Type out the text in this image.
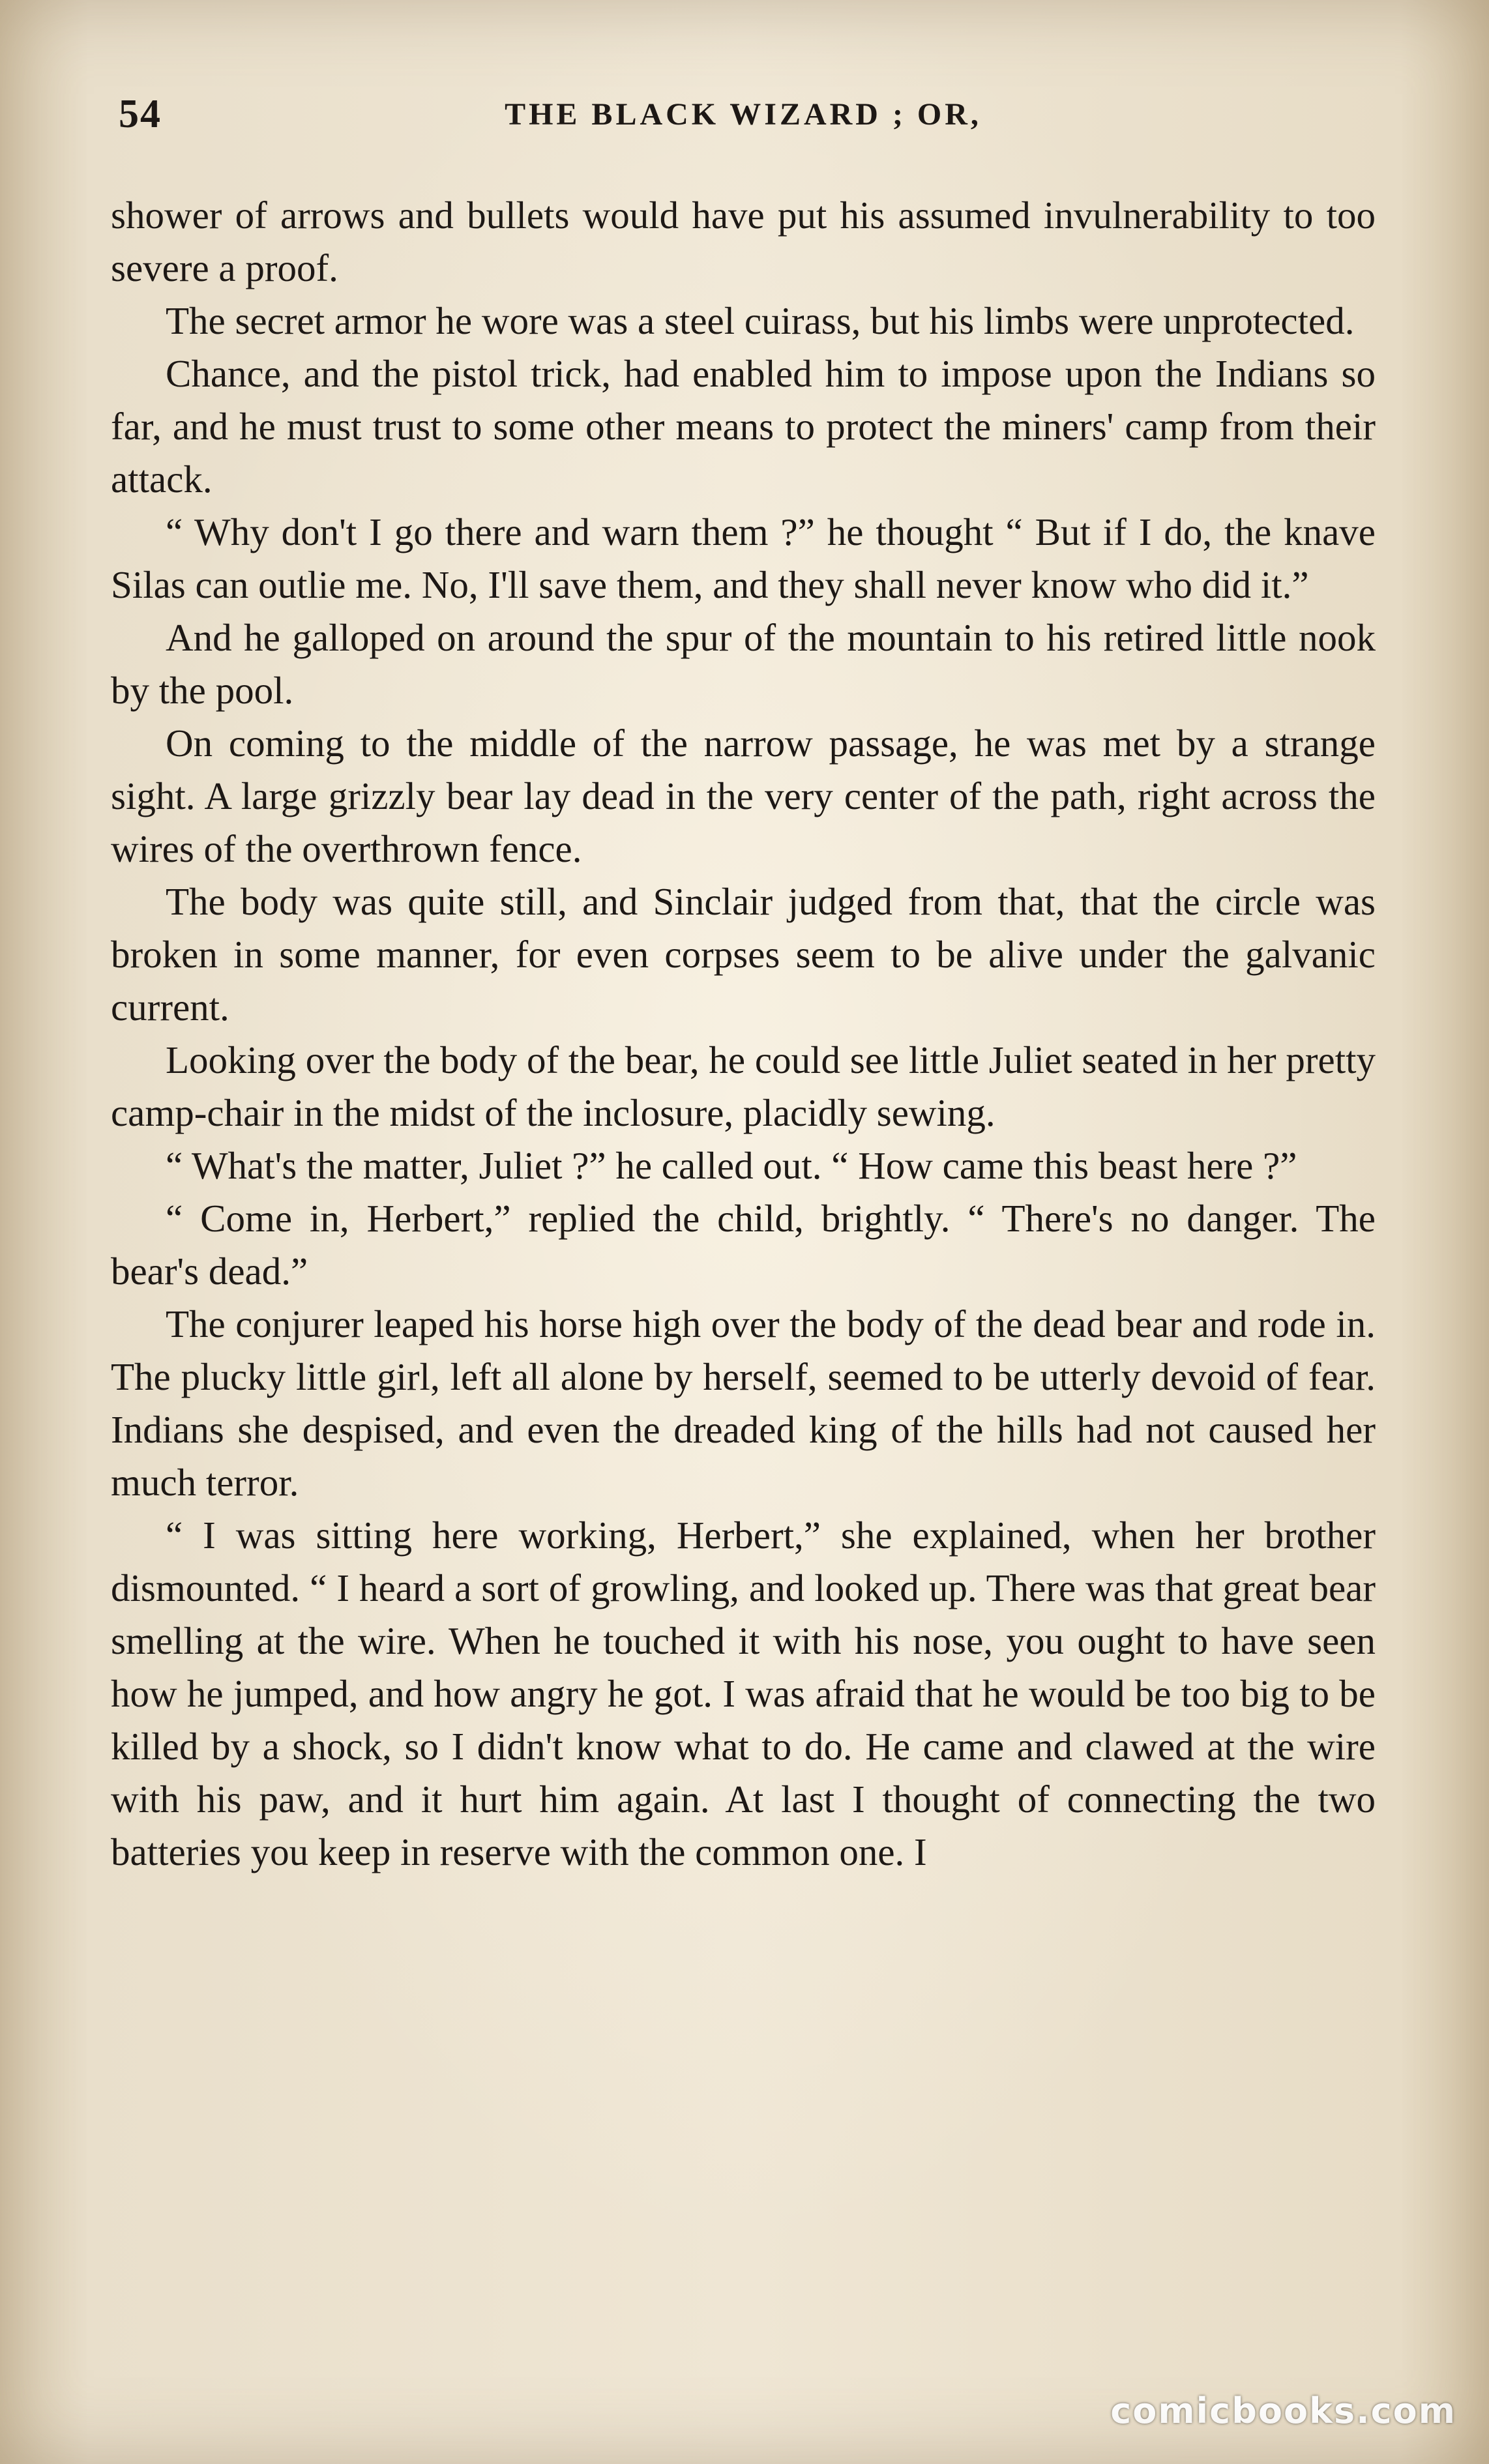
54	THE BLACK WIZARD ; OR,

shower of arrows and bullets would have put his assumed invulnerability to too severe a proof.

The secret armor he wore was a steel cuirass, but his limbs were unprotected.

Chance, and the pistol trick, had enabled him to impose upon the Indians so far, and he must trust to some other means to protect the miners' camp from their attack.

“ Why don't I go there and warn them ?” he thought “ But if I do, the knave Silas can outlie me. No, I'll save them, and they shall never know who did it.”

And he galloped on around the spur of the mountain to his retired little nook by the pool.

On coming to the middle of the narrow passage, he was met by a strange sight. A large grizzly bear lay dead in the very center of the path, right across the wires of the overthrown fence.

The body was quite still, and Sinclair judged from that, that the circle was broken in some manner, for even corpses seem to be alive under the galvanic current.

Looking over the body of the bear, he could see little Juliet seated in her pretty camp-chair in the midst of the inclosure, placidly sewing.

“ What's the matter, Juliet ?” he called out. “ How came this beast here ?”

“ Come in, Herbert,” replied the child, brightly. “ There's no danger. The bear's dead.”

The conjurer leaped his horse high over the body of the dead bear and rode in. The plucky little girl, left all alone by herself, seemed to be utterly devoid of fear. Indians she despised, and even the dreaded king of the hills had not caused her much terror.

“ I was sitting here working, Herbert,” she explained, when her brother dismounted. “ I heard a sort of growling, and looked up. There was that great bear smelling at the wire. When he touched it with his nose, you ought to have seen how he jumped, and how angry he got. I was afraid that he would be too big to be killed by a shock, so I didn't know what to do. He came and clawed at the wire with his paw, and it hurt him again. At last I thought of connecting the two batteries you keep in reserve with the common one. I

comicbooks.com
